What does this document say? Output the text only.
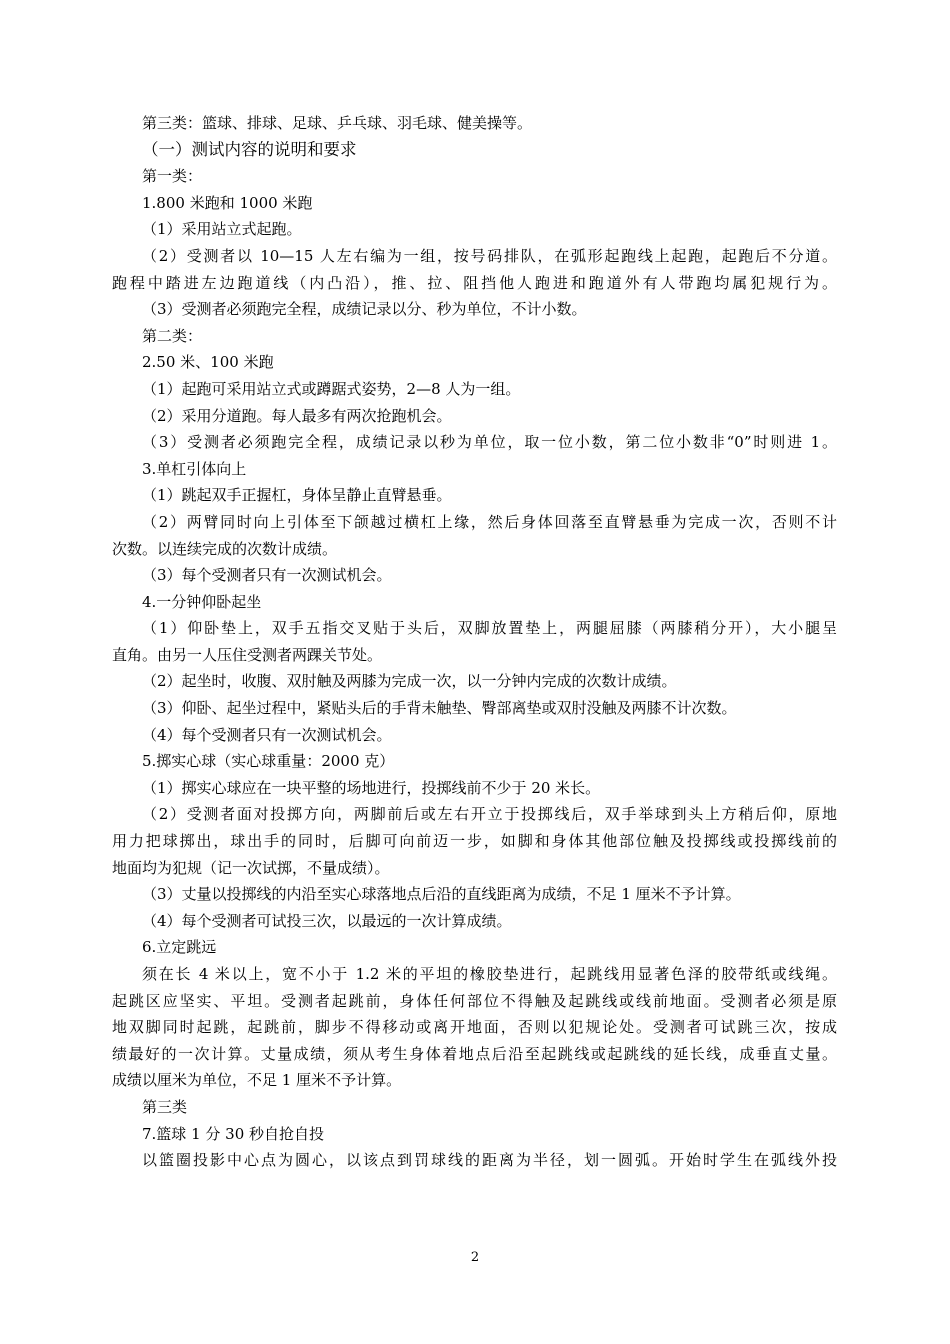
第三类：篮球、排球、足球、乒乓球、羽毛球、健美操等。
（一）测试内容的说明和要求
第一类：
1.800 米跑和 1000 米跑
（1）采用站立式起跑。
（2）受测者以 10—15 人左右编为一组，按号码排队，在弧形起跑线上起跑，起跑后不分道。
跑程中踏进左边跑道线（内凸沿），推、拉、阻挡他人跑进和跑道外有人带跑均属犯规行为。
（3）受测者必须跑完全程，成绩记录以分、秒为单位，不计小数。
第二类：
2.50 米、100 米跑
（1）起跑可采用站立式或蹲踞式姿势，2—8 人为一组。
（2）采用分道跑。每人最多有两次抢跑机会。
（3）受测者必须跑完全程，成绩记录以秒为单位，取一位小数，第二位小数非“0”时则进 1。
3.单杠引体向上
（1）跳起双手正握杠，身体呈静止直臂悬垂。
（2）两臂同时向上引体至下颌越过横杠上缘，然后身体回落至直臂悬垂为完成一次，否则不计
次数。以连续完成的次数计成绩。
（3）每个受测者只有一次测试机会。
4.一分钟仰卧起坐
（1）仰卧垫上，双手五指交叉贴于头后，双脚放置垫上，两腿屈膝（两膝稍分开），大小腿呈
直角。由另一人压住受测者两踝关节处。
（2）起坐时，收腹、双肘触及两膝为完成一次，以一分钟内完成的次数计成绩。
（3）仰卧、起坐过程中，紧贴头后的手背未触垫、臀部离垫或双肘没触及两膝不计次数。
（4）每个受测者只有一次测试机会。
5.掷实心球（实心球重量：2000 克）
（1）掷实心球应在一块平整的场地进行，投掷线前不少于 20 米长。
（2）受测者面对投掷方向，两脚前后或左右开立于投掷线后，双手举球到头上方稍后仰，原地
用力把球掷出，球出手的同时，后脚可向前迈一步，如脚和身体其他部位触及投掷线或投掷线前的
地面均为犯规（记一次试掷，不量成绩）。
（3）丈量以投掷线的内沿至实心球落地点后沿的直线距离为成绩，不足 1 厘米不予计算。
（4）每个受测者可试投三次，以最远的一次计算成绩。
6.立定跳远
须在长 4 米以上，宽不小于 1.2 米的平坦的橡胶垫进行，起跳线用显著色泽的胶带纸或线绳。
起跳区应坚实、平坦。受测者起跳前，身体任何部位不得触及起跳线或线前地面。受测者必须是原
地双脚同时起跳，起跳前，脚步不得移动或离开地面，否则以犯规论处。受测者可试跳三次，按成
绩最好的一次计算。丈量成绩，须从考生身体着地点后沿至起跳线或起跳线的延长线，成垂直丈量。
成绩以厘米为单位，不足 1 厘米不予计算。
第三类
7.篮球 1 分 30 秒自抢自投
以篮圈投影中心点为圆心，以该点到罚球线的距离为半径，划一圆弧。开始时学生在弧线外投
2
